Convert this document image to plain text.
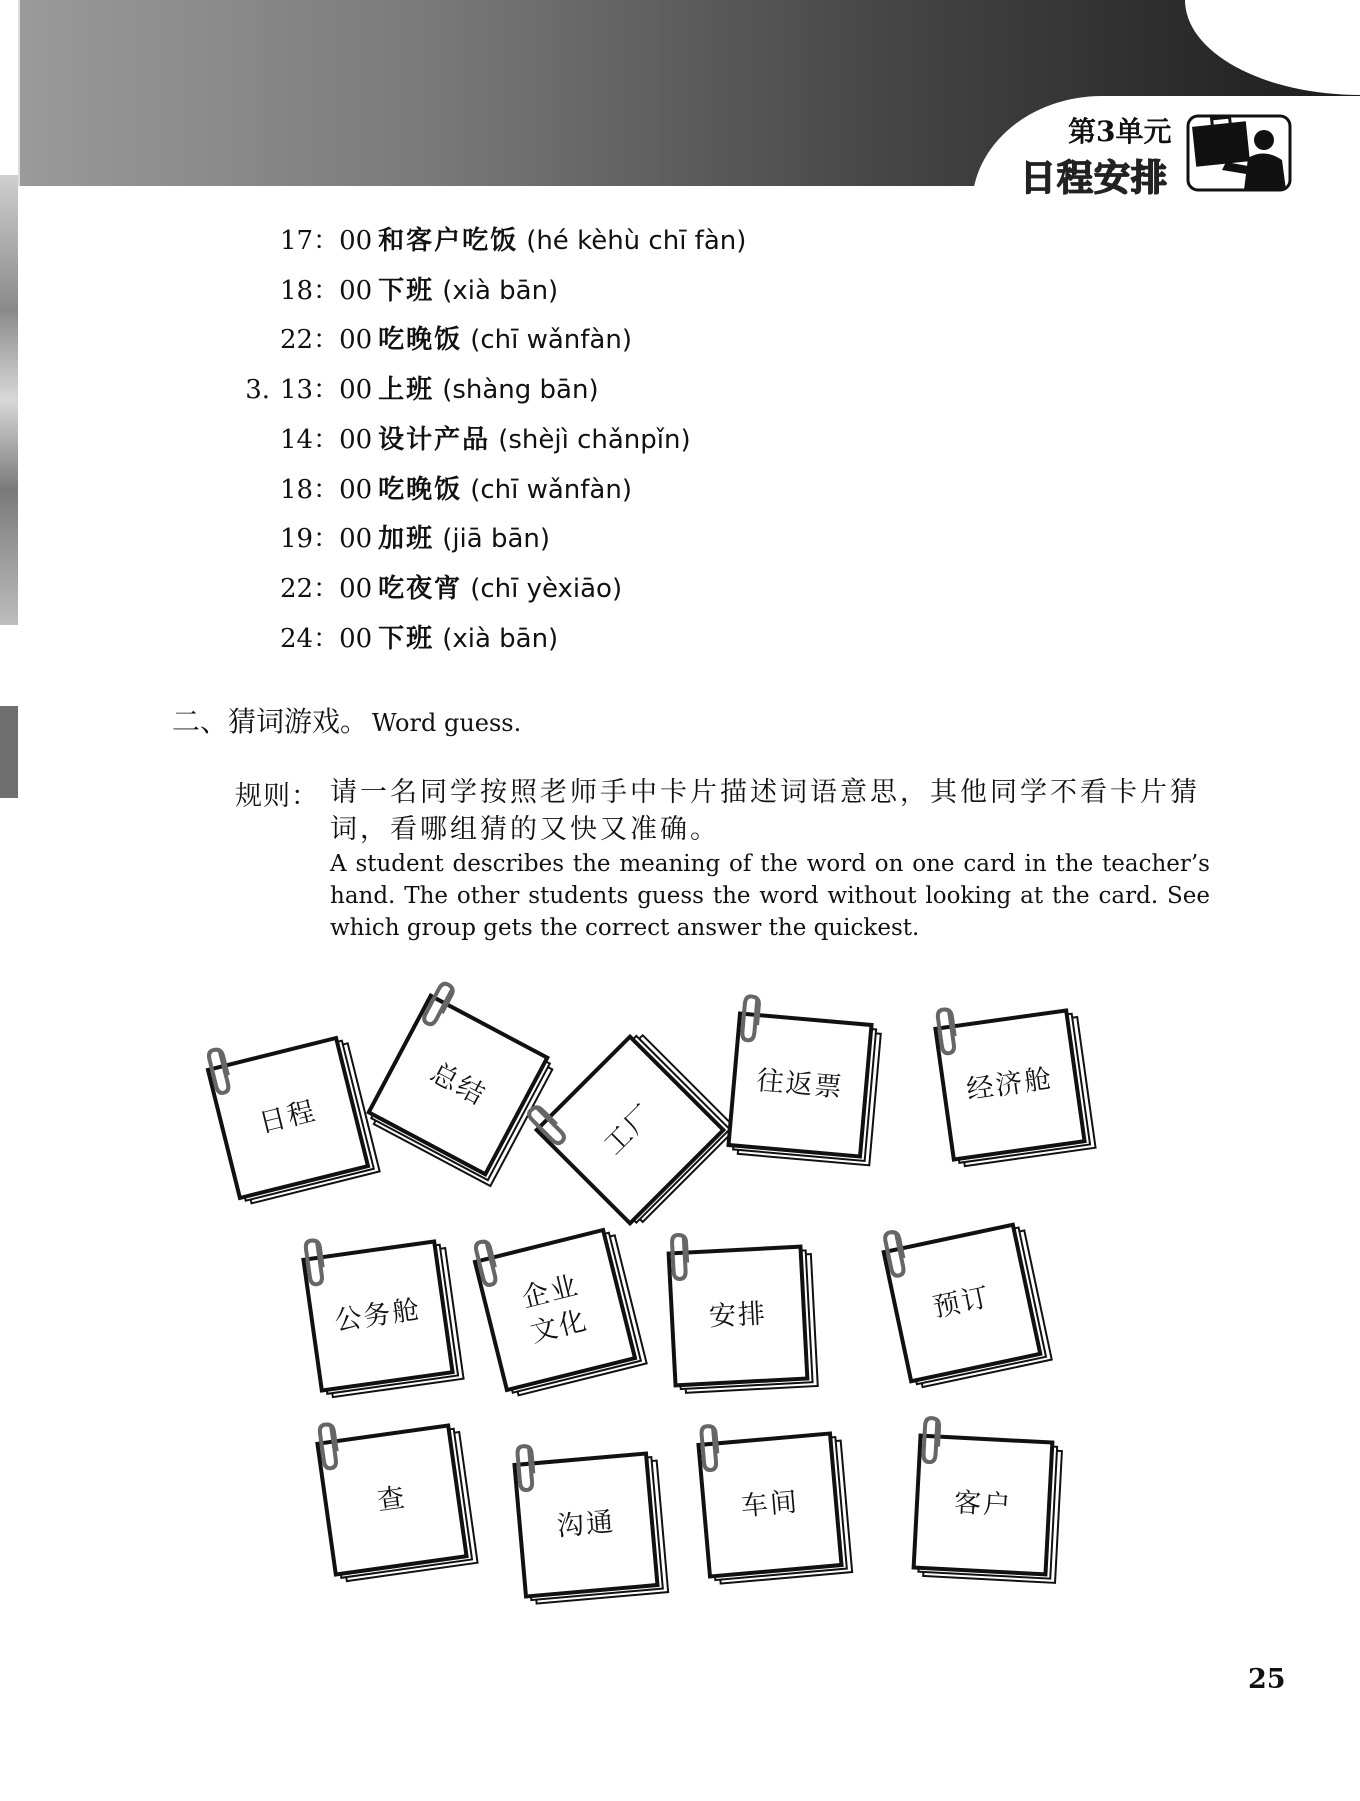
第3单元
日程安排
17：00 和客户吃饭 (hé kèhù chī fàn)
18：00 下班 (xià bān)
22：00 吃晚饭 (chī wǎnfàn)
3. 13：00 上班 (shàng bān)
14：00 设计产品 (shèjì chǎnpǐn)
18：00 吃晚饭 (chī wǎnfàn)
19：00 加班 (jiā bān)
22：00 吃夜宵 (chī yèxiāo)
24：00 下班 (xià bān)
二、猜词游戏。 Word guess.
规则： 请一名同学按照老师手中卡片描述词语意思，其他同学不看卡片猜词，看哪组猜的又快又准确。
A student describes the meaning of the word on one card in the teacher’s hand. The other students guess the word without looking at the card. See which group gets the correct answer the quickest.
日程
总结
工厂
往返票	经济舱
公务舱
企业
文化	安排	预订
查
沟通
车间	客户
25
